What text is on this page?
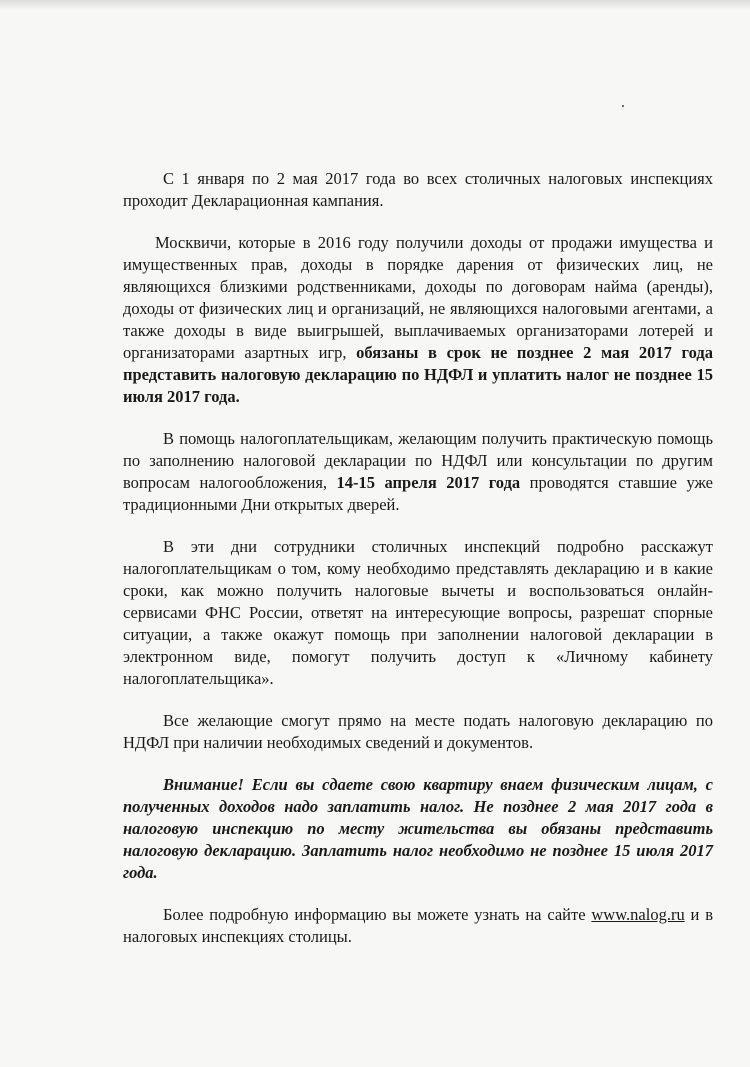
С 1 января по 2 мая 2017 года во всех столичных налоговых инспекциях проходит Декларационная кампания.

Москвичи, которые в 2016 году получили доходы от продажи имущества и имущественных прав, доходы в порядке дарения от физических лиц, не являющихся близкими родственниками, доходы по договорам найма (аренды), доходы от физических лиц и организаций, не являющихся налоговыми агентами, а также доходы в виде выигрышей, выплачиваемых организаторами лотерей и организаторами азартных игр, обязаны в срок не позднее 2 мая 2017 года представить налоговую декларацию по НДФЛ и уплатить налог не позднее 15 июля 2017 года.

В помощь налогоплательщикам, желающим получить практическую помощь по заполнению налоговой декларации по НДФЛ или консультации по другим вопросам налогообложения, 14-15 апреля 2017 года проводятся ставшие уже традиционными Дни открытых дверей.

В эти дни сотрудники столичных инспекций подробно расскажут налогоплательщикам о том, кому необходимо представлять декларацию и в какие сроки, как можно получить налоговые вычеты и воспользоваться онлайн-сервисами ФНС России, ответят на интересующие вопросы, разрешат спорные ситуации, а также окажут помощь при заполнении налоговой декларации в электронном виде, помогут получить доступ к «Личному кабинету налогоплательщика».

Все желающие смогут прямо на месте подать налоговую декларацию по НДФЛ при наличии необходимых сведений и документов.

Внимание! Если вы сдаете свою квартиру внаем физическим лицам, с полученных доходов надо заплатить налог. Не позднее 2 мая 2017 года в налоговую инспекцию по месту жительства вы обязаны представить налоговую декларацию. Заплатить налог необходимо не позднее 15 июля 2017 года.

Более подробную информацию вы можете узнать на сайте www.nalog.ru и в налоговых инспекциях столицы.
